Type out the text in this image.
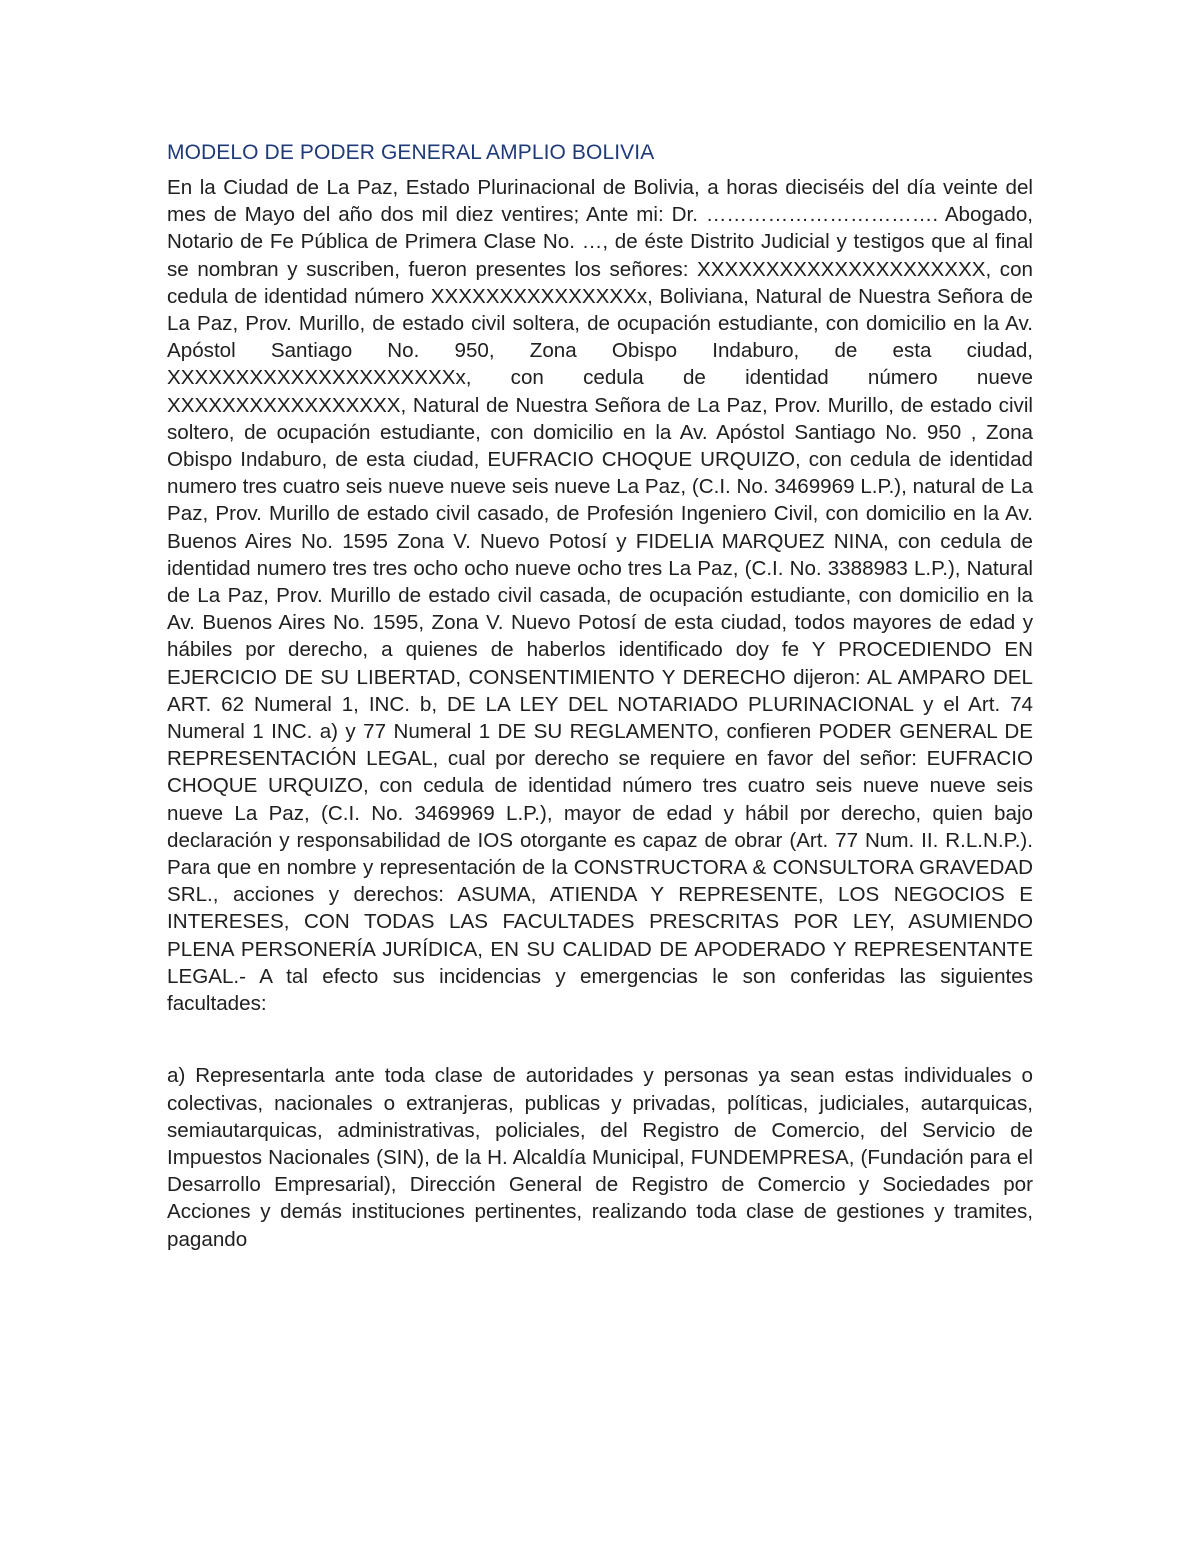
MODELO DE PODER GENERAL AMPLIO BOLIVIA

En la Ciudad de La Paz, Estado Plurinacional de Bolivia, a horas dieciséis del día veinte del mes de Mayo del año dos mil diez ventires; Ante mi: Dr. ……………………………. Abogado, Notario de Fe Pública de Primera Clase No. …, de éste Distrito Judicial y testigos que al final se nombran y suscriben, fueron presentes los señores: XXXXXXXXXXXXXXXXXXXXX, con cedula de identidad número XXXXXXXXXXXXXXXx, Boliviana, Natural de Nuestra Señora de La Paz, Prov. Murillo, de estado civil soltera, de ocupación estudiante, con domicilio en la Av. Apóstol Santiago No. 950, Zona Obispo Indaburo, de esta ciudad, XXXXXXXXXXXXXXXXXXXXXx, con cedula de identidad número nueve XXXXXXXXXXXXXXXXX, Natural de Nuestra Señora de La Paz, Prov. Murillo, de estado civil soltero, de ocupación estudiante, con domicilio en la Av. Apóstol Santiago No. 950 , Zona Obispo Indaburo, de esta ciudad, EUFRACIO CHOQUE URQUIZO, con cedula de identidad numero tres cuatro seis nueve nueve seis nueve La Paz, (C.I. No. 3469969 L.P.), natural de La Paz, Prov. Murillo de estado civil casado, de Profesión Ingeniero Civil, con domicilio en la Av. Buenos Aires No. 1595 Zona V. Nuevo Potosí y FIDELIA MARQUEZ NINA, con cedula de identidad numero tres tres ocho ocho nueve ocho tres La Paz, (C.I. No. 3388983 L.P.), Natural de La Paz, Prov. Murillo de estado civil casada, de ocupación estudiante, con domicilio en la Av. Buenos Aires No. 1595, Zona V. Nuevo Potosí de esta ciudad, todos mayores de edad y hábiles por derecho, a quienes de haberlos identificado doy fe Y PROCEDIENDO EN EJERCICIO DE SU LIBERTAD, CONSENTIMIENTO Y DERECHO dijeron: AL AMPARO DEL ART. 62 Numeral 1, INC. b, DE LA LEY DEL NOTARIADO PLURINACIONAL y el Art. 74 Numeral 1 INC. a) y 77 Numeral 1 DE SU REGLAMENTO, confieren PODER GENERAL DE REPRESENTACIÓN LEGAL, cual por derecho se requiere en favor del señor: EUFRACIO CHOQUE URQUIZO, con cedula de identidad número tres cuatro seis nueve nueve seis nueve La Paz, (C.I. No. 3469969 L.P.), mayor de edad y hábil por derecho, quien bajo declaración y responsabilidad de IOS otorgante es capaz de obrar (Art. 77 Num. II. R.L.N.P.). Para que en nombre y representación de la CONSTRUCTORA & CONSULTORA GRAVEDAD SRL., acciones y derechos: ASUMA, ATIENDA Y REPRESENTE, LOS NEGOCIOS E INTERESES, CON TODAS LAS FACULTADES PRESCRITAS POR LEY, ASUMIENDO PLENA PERSONERÍA JURÍDICA, EN SU CALIDAD DE APODERADO Y REPRESENTANTE LEGAL.- A tal efecto sus incidencias y emergencias le son conferidas las siguientes facultades:

a) Representarla ante toda clase de autoridades y personas ya sean estas individuales o colectivas, nacionales o extranjeras, publicas y privadas, políticas, judiciales, autarquicas, semiautarquicas, administrativas, policiales, del Registro de Comercio, del Servicio de Impuestos Nacionales (SIN), de la H. Alcaldía Municipal, FUNDEMPRESA, (Fundación para el Desarrollo Empresarial), Dirección General de Registro de Comercio y Sociedades por Acciones y demás instituciones pertinentes, realizando toda clase de gestiones y tramites, pagando
